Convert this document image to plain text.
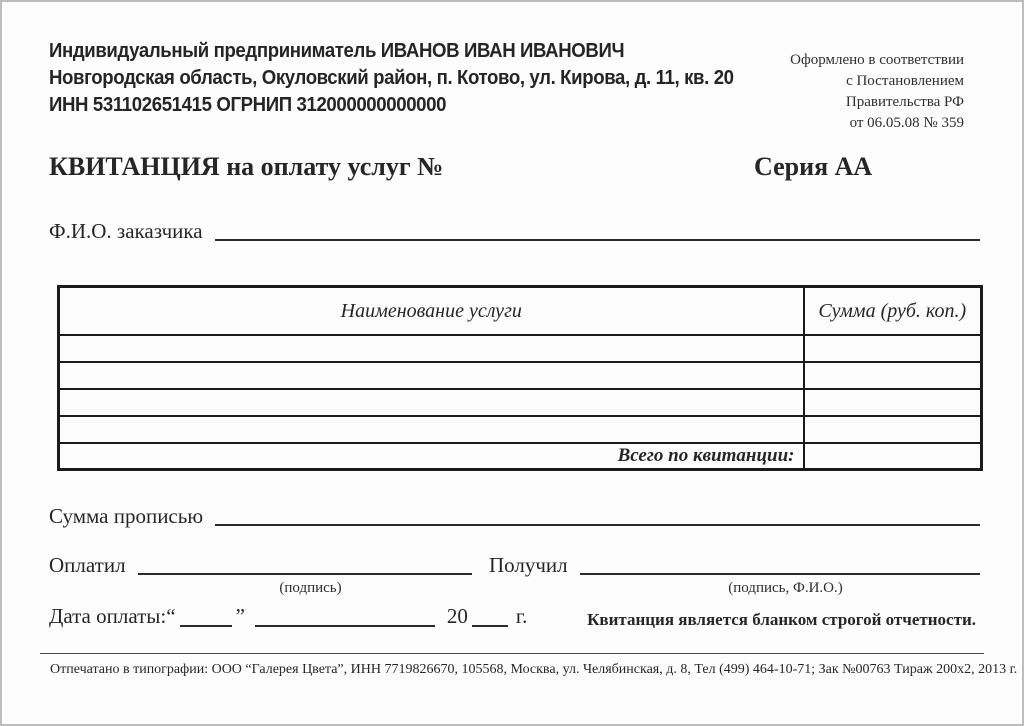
Индивидуальный предприниматель ИВАНОВ ИВАН ИВАНОВИЧ
Новгородская область, Окуловский район, п. Котово, ул. Кирова, д. 11, кв. 20
ИНН 531102651415 ОГРНИП 312000000000000
Оформлено в соответствии
с Постановлением
Правительства РФ
от 06.05.08 № 359
КВИТАНЦИЯ на оплату услуг №	Серия АА
Ф.И.О. заказчика
Наименование услуги	Сумма (руб. коп.)

Всего по квитанции:	
Сумма прописью
Оплатил
(подпись)
Получил
(подпись, Ф.И.О.)
Дата оплаты: “	”	20 г.	Квитанция является бланком строгой отчетности.
Отпечатано в типографии: ООО “Галерея Цвета”, ИНН 7719826670, 105568, Москва, ул. Челябинская, д. 8, Тел (499) 464-10-71; Зак №00763 Тираж 200х2, 2013 г.
